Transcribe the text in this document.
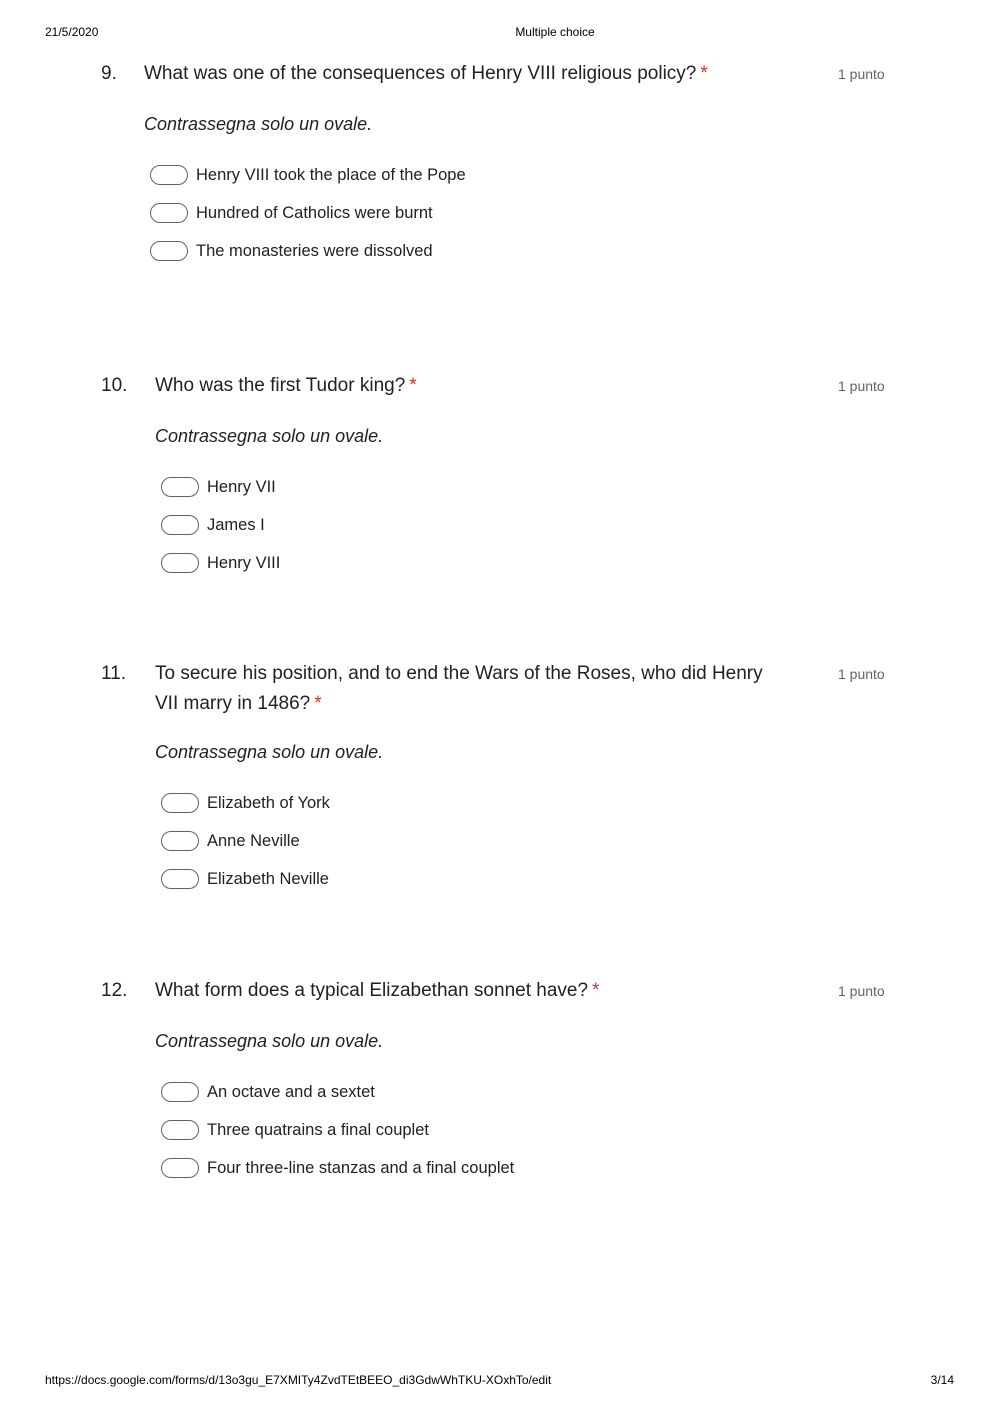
21/5/2020	Multiple choice
9. What was one of the consequences of Henry VIII religious policy? *	1 punto
Contrassegna solo un ovale.
Henry VIII took the place of the Pope
Hundred of Catholics were burnt
The monasteries were dissolved
10. Who was the first Tudor king? *	1 punto
Contrassegna solo un ovale.
Henry VII
James I
Henry VIII
11. To secure his position, and to end the Wars of the Roses, who did Henry
VII marry in 1486? *
1 punto
Contrassegna solo un ovale.
Elizabeth of York
Anne Neville
Elizabeth Neville
12. What form does a typical Elizabethan sonnet have? *	1 punto
Contrassegna solo un ovale.
An octave and a sextet
Three quatrains a final couplet
Four three-line stanzas and a final couplet
https://docs.google.com/forms/d/13o3gu_E7XMITy4ZvdTEtBEEO_di3GdwWhTKU-XOxhTo/edit	3/14
